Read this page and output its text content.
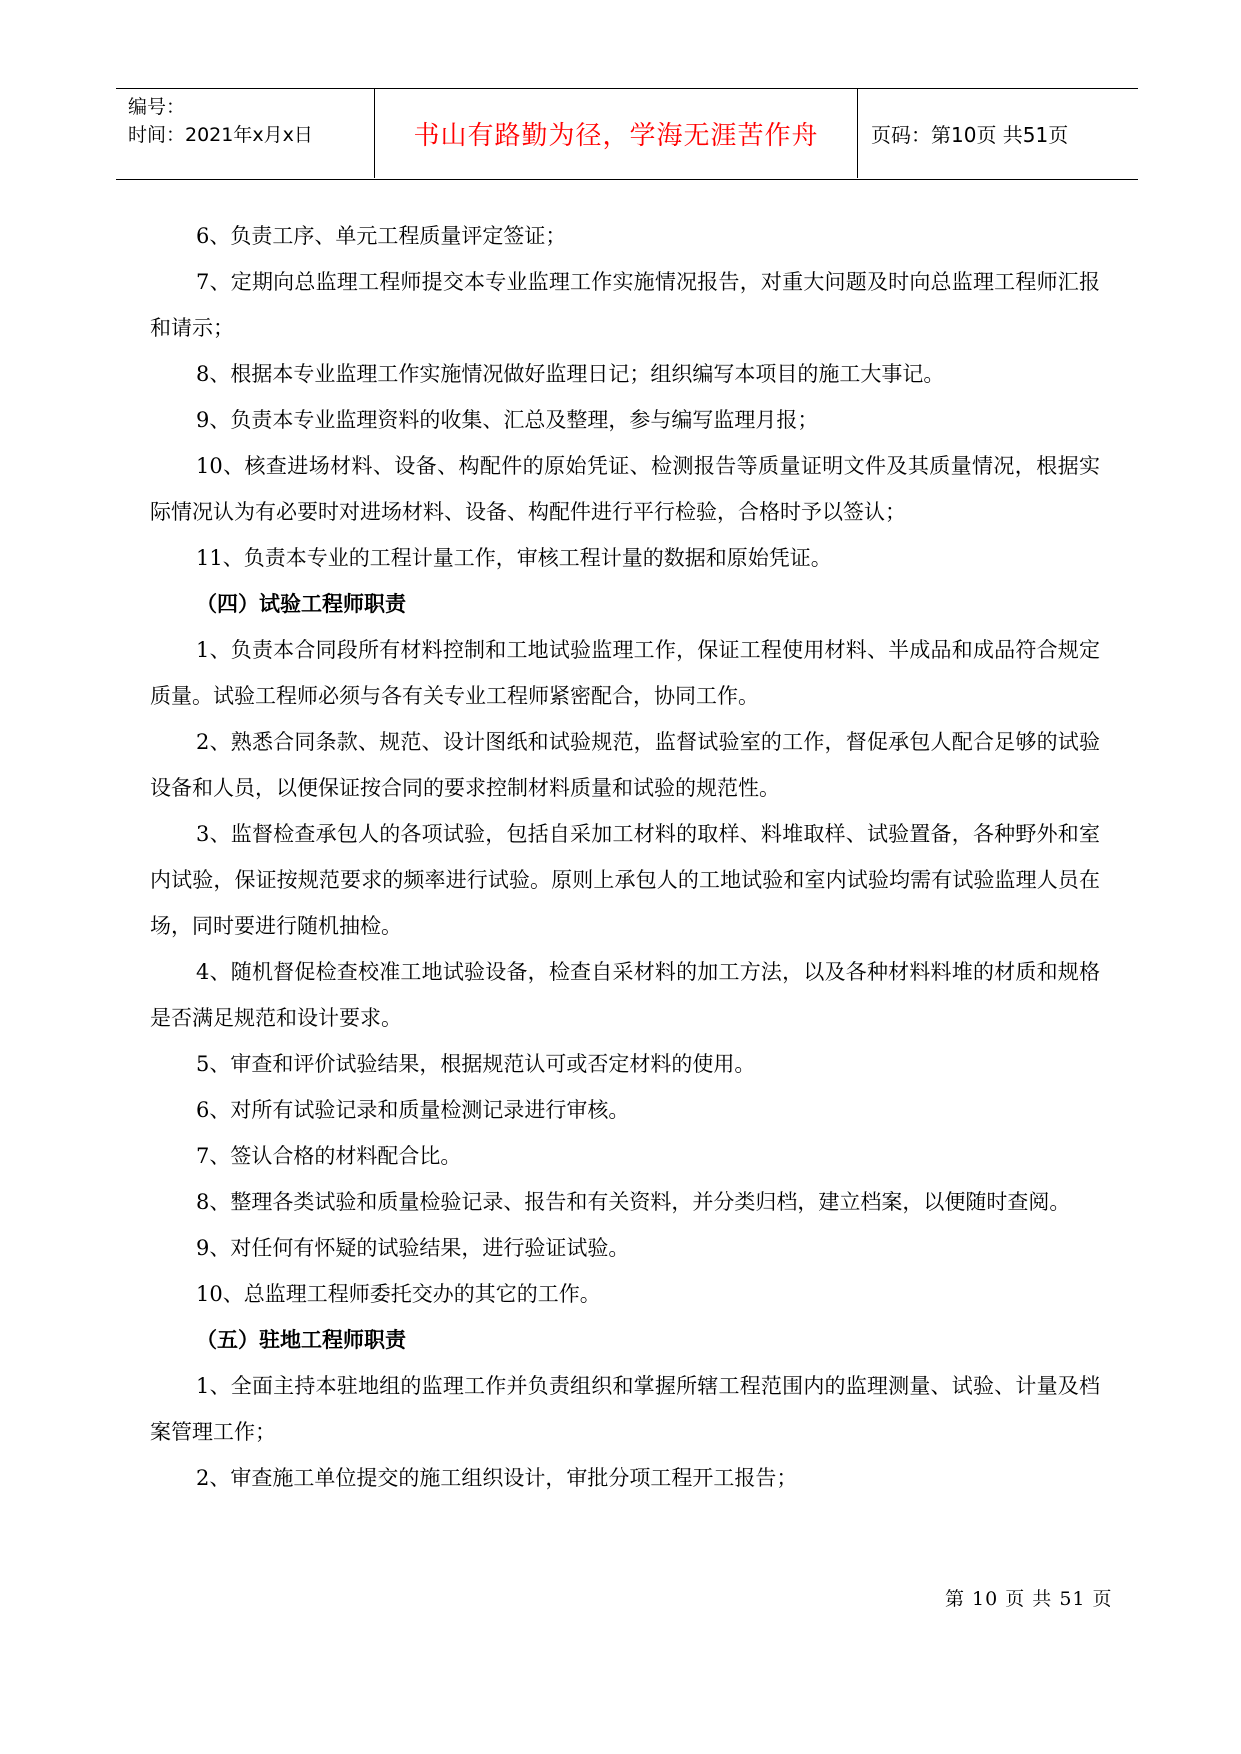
编号：
时间：2021年x月x日	书山有路勤为径，学海无涯苦作舟	页码：第10页 共51页

6、负责工序、单元工程质量评定签证；

7、定期向总监理工程师提交本专业监理工作实施情况报告，对重大问题及时向总监理工程师汇报和请示；

8、根据本专业监理工作实施情况做好监理日记；组织编写本项目的施工大事记。

9、负责本专业监理资料的收集、汇总及整理，参与编写监理月报；

10、核查进场材料、设备、构配件的原始凭证、检测报告等质量证明文件及其质量情况，根据实际情况认为有必要时对进场材料、设备、构配件进行平行检验，合格时予以签认；

11、负责本专业的工程计量工作，审核工程计量的数据和原始凭证。

（四）试验工程师职责

1、负责本合同段所有材料控制和工地试验监理工作，保证工程使用材料、半成品和成品符合规定质量。试验工程师必须与各有关专业工程师紧密配合，协同工作。

2、熟悉合同条款、规范、设计图纸和试验规范，监督试验室的工作，督促承包人配合足够的试验设备和人员，以便保证按合同的要求控制材料质量和试验的规范性。

3、监督检查承包人的各项试验，包括自采加工材料的取样、料堆取样、试验置备，各种野外和室内试验，保证按规范要求的频率进行试验。原则上承包人的工地试验和室内试验均需有试验监理人员在场，同时要进行随机抽检。

4、随机督促检查校准工地试验设备，检查自采材料的加工方法，以及各种材料料堆的材质和规格是否满足规范和设计要求。

5、审查和评价试验结果，根据规范认可或否定材料的使用。

6、对所有试验记录和质量检测记录进行审核。

7、签认合格的材料配合比。

8、整理各类试验和质量检验记录、报告和有关资料，并分类归档，建立档案，以便随时查阅。

9、对任何有怀疑的试验结果，进行验证试验。

10、总监理工程师委托交办的其它的工作。

（五）驻地工程师职责

1、全面主持本驻地组的监理工作并负责组织和掌握所辖工程范围内的监理测量、试验、计量及档案管理工作；

2、审查施工单位提交的施工组织设计，审批分项工程开工报告；

第 10 页 共 51 页
